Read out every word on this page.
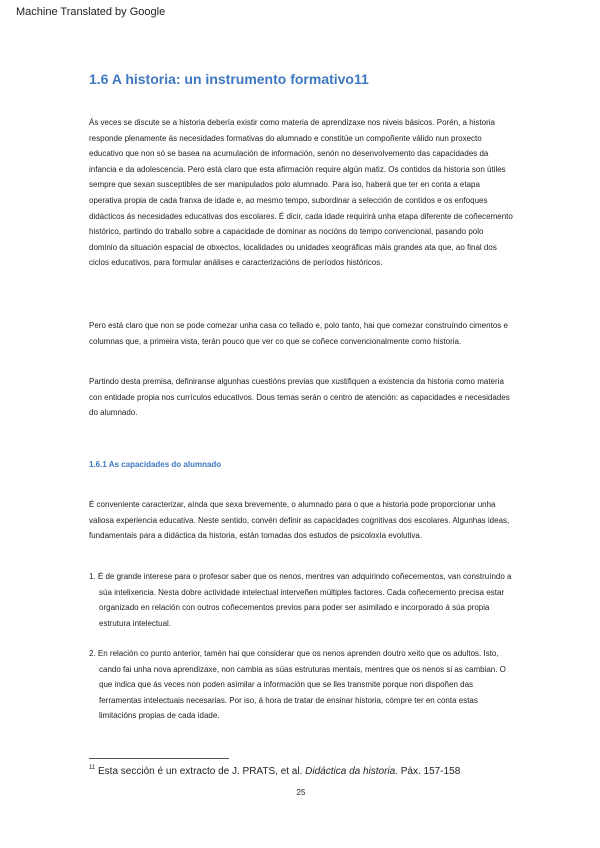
Machine Translated by Google
1.6 A historia: un instrumento formativo11

Ás veces se discute se a historia debería existir como materia de aprendizaxe nos niveis básicos. Porén, a historia responde plenamente ás necesidades formativas do alumnado e constitúe un compoñente válido nun proxecto educativo que non só se basea na acumulación de información, senón no desenvolvemento das capacidades da infancia e da adolescencia. Pero está claro que esta afirmación require algún matiz. Os contidos da historia son útiles sempre que sexan susceptibles de ser manipulados polo alumnado. Para iso, haberá que ter en conta a etapa operativa propia de cada franxa de idade e, ao mesmo tempo, subordinar a selección de contidos e os enfoques didácticos ás necesidades educativas dos escolares. É dicir, cada idade requirirá unha etapa diferente de coñecemento histórico, partindo do traballo sobre a capacidade de dominar as nocións do tempo convencional, pasando polo dominio da situación espacial de obxectos, localidades ou unidades xeográficas máis grandes ata que, ao final dos ciclos educativos, para formular análises e caracterizacións de períodos históricos.

Pero está claro que non se pode comezar unha casa co tellado e, polo tanto, hai que comezar construíndo cimentos e columnas que, a primeira vista, terán pouco que ver co que se coñece convencionalmente como historia.

Partindo desta premisa, definiranse algunhas cuestións previas que xustifiquen a existencia da historia como materia con entidade propia nos currículos educativos. Dous temas serán o centro de atención: as capacidades e necesidades do alumnado.

1.6.1 As capacidades do alumnado

É conveniente caracterizar, aínda que sexa brevemente, o alumnado para o que a historia pode proporcionar unha valiosa experiencia educativa. Neste sentido, convén definir as capacidades cognitivas dos escolares. Algunhas ideas, fundamentais para a didáctica da historia, están tomadas dos estudos de psicoloxía evolutiva.

1. É de grande interese para o profesor saber que os nenos, mentres van adquirindo coñecementos, van construíndo a súa intelixencia. Nesta dobre actividade intelectual interveñen múltiples factores. Cada coñecemento precisa estar organizado en relación con outros coñecementos previos para poder ser asimilado e incorporado á súa propia estrutura intelectual.
2. En relación co punto anterior, tamén hai que considerar que os nenos aprenden doutro xeito que os adultos. Isto, cando fai unha nova aprendizaxe, non cambia as súas estruturas mentais, mentres que os nenos si as cambian. O que indica que ás veces non poden asimilar a información que se lles transmite porque non dispoñen das ferramentas intelectuais necesarias. Por iso, á hora de tratar de ensinar historia, cómpre ter en conta estas limitacións propias de cada idade.
$^{11}$ Esta sección é un extracto de J. PRATS, et al. Didáctica da historia. Páx. 157-158
25
